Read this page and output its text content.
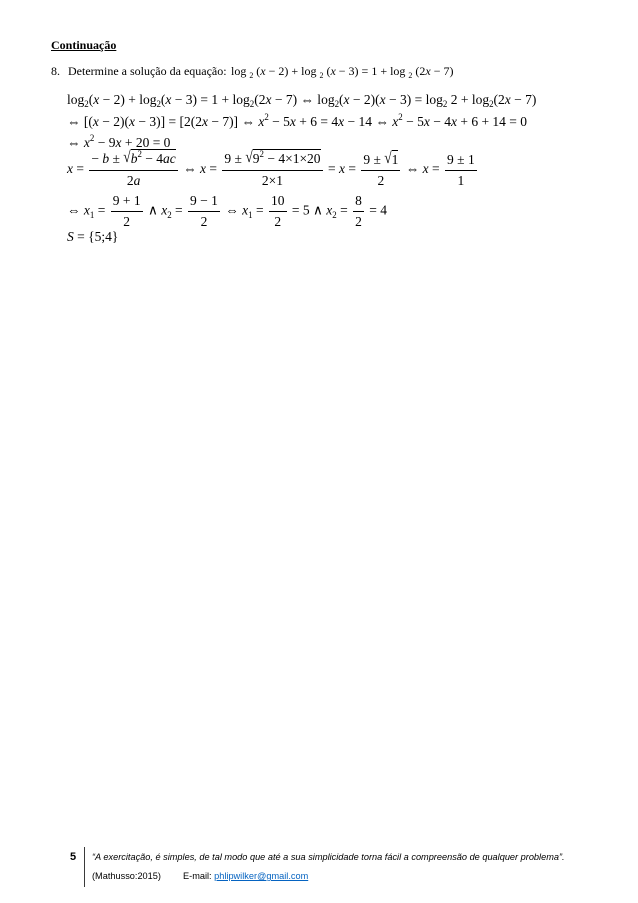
Continuação
8. Determine a solução da equação: log $_2$ (x − 2) + log $_2$ (x − 3) = 1 + log $_2$ (2x − 7)
$\log_2(x - 2) + \log_2(x - 3) = 1 + \log_2(2x - 7)$ ⇔ $\log_2(x - 2)(x - 3) = \log_2 2 + \log_2(2x - 7)$
⇔ [(x − 2)(x − 3)] = [2(2x − 7)] ⇔ $x^2 - 5x + 6 = 4x - 14$ ⇔ $x^2 - 5x - 4x + 6 + 14 = 0$
⇔ $x^2 - 9x + 20 = 0$
$x = \frac{- b \pm √b^2 - 4ac}{2a}$ ⇔ $x = \frac{9 \pm √9^2 - 4\times 1\times 20}{2\times 1} = x = \frac{9 \pm √1}{2}$ ⇔ $x = \frac{9 \pm 1}{1}$
⇔ $x_1 = \frac{9 + 1}{2}$ ∧ $x_2 = \frac{9 - 1}{2}$ ⇔ $x_1 = \frac{10}{2} = 5$ ∧ $x_2 = \frac{8}{2} = 4$
S = {5;4}
5 “A exercitação, é simples, de tal modo que até a sua simplicidade torna fácil a compreensão de qualquer problema”.
(Mathusso:2015) E-mail: phlipwilker@gmail.com
